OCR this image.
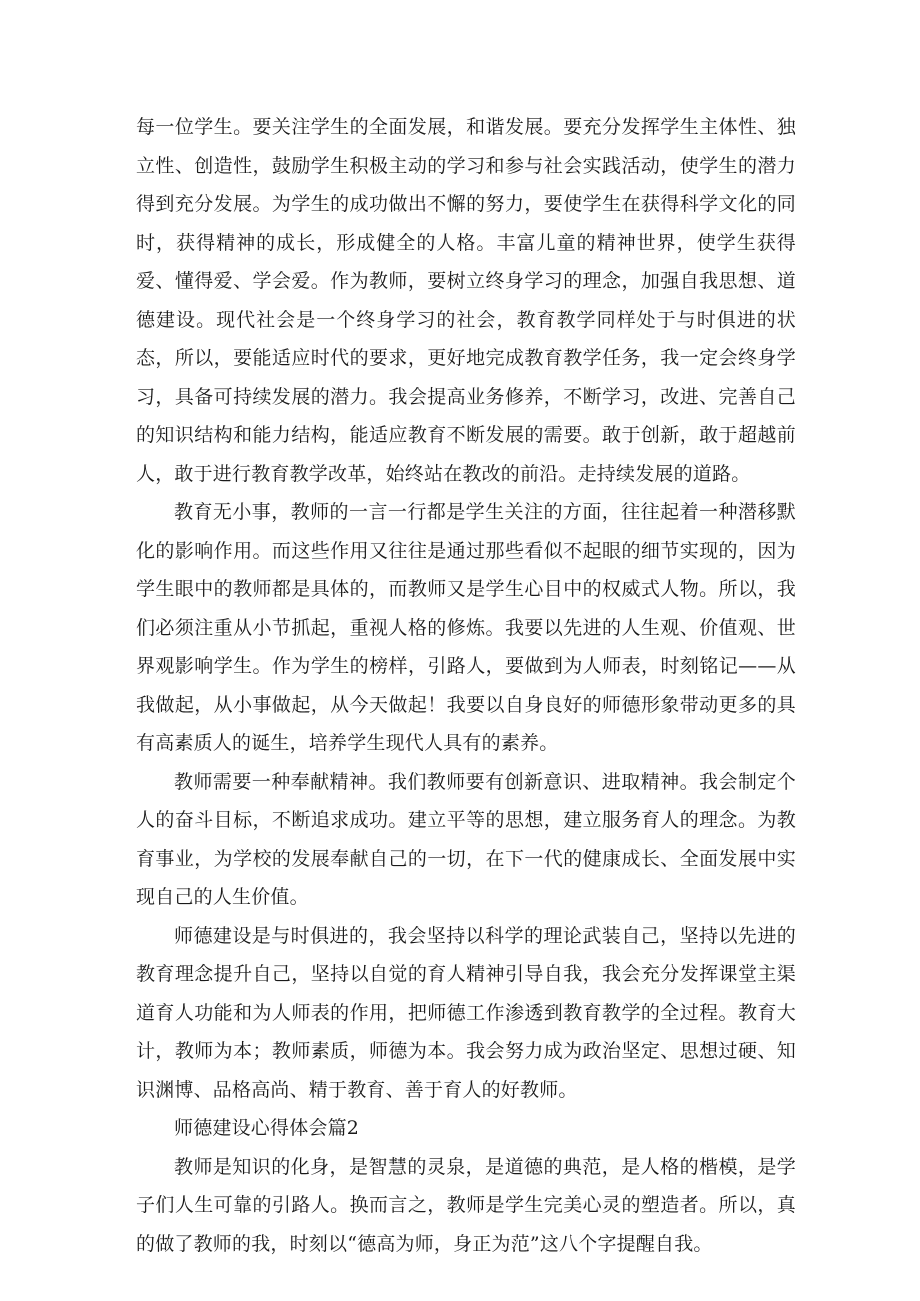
每一位学生。要关注学生的全面发展，和谐发展。要充分发挥学生主体性、独立性、创造性，鼓励学生积极主动的学习和参与社会实践活动，使学生的潜力得到充分发展。为学生的成功做出不懈的努力，要使学生在获得科学文化的同时，获得精神的成长，形成健全的人格。丰富儿童的精神世界，使学生获得爱、懂得爱、学会爱。作为教师，要树立终身学习的理念，加强自我思想、道德建设。现代社会是一个终身学习的社会，教育教学同样处于与时俱进的状态，所以，要能适应时代的要求，更好地完成教育教学任务，我一定会终身学习，具备可持续发展的潜力。我会提高业务修养，不断学习，改进、完善自己的知识结构和能力结构，能适应教育不断发展的需要。敢于创新，敢于超越前人，敢于进行教育教学改革，始终站在教改的前沿。走持续发展的道路。

教育无小事，教师的一言一行都是学生关注的方面，往往起着一种潜移默化的影响作用。而这些作用又往往是通过那些看似不起眼的细节实现的，因为学生眼中的教师都是具体的，而教师又是学生心目中的权威式人物。所以，我们必须注重从小节抓起，重视人格的修炼。我要以先进的人生观、价值观、世界观影响学生。作为学生的榜样，引路人，要做到为人师表，时刻铭记——从我做起，从小事做起，从今天做起！我要以自身良好的师德形象带动更多的具有高素质人的诞生，培养学生现代人具有的素养。

教师需要一种奉献精神。我们教师要有创新意识、进取精神。我会制定个人的奋斗目标，不断追求成功。建立平等的思想，建立服务育人的理念。为教育事业，为学校的发展奉献自己的一切，在下一代的健康成长、全面发展中实现自己的人生价值。

师德建设是与时俱进的，我会坚持以科学的理论武装自己，坚持以先进的教育理念提升自己，坚持以自觉的育人精神引导自我，我会充分发挥课堂主渠道育人功能和为人师表的作用，把师德工作渗透到教育教学的全过程。教育大计，教师为本；教师素质，师德为本。我会努力成为政治坚定、思想过硬、知识渊博、品格高尚、精于教育、善于育人的好教师。

师德建设心得体会篇2

教师是知识的化身，是智慧的灵泉，是道德的典范，是人格的楷模，是学子们人生可靠的引路人。换而言之，教师是学生完美心灵的塑造者。所以，真的做了教师的我，时刻以“德高为师，身正为范”这八个字提醒自我。
